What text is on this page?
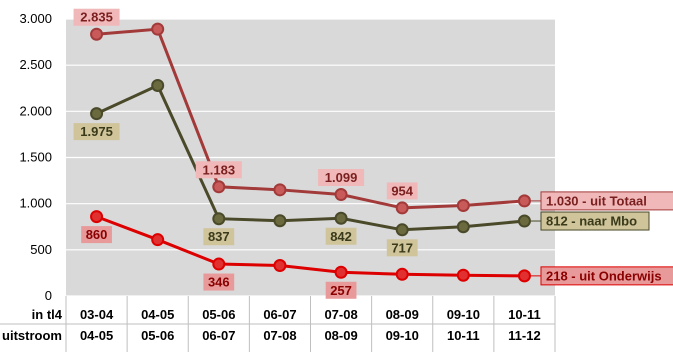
0
500
1.000
1.500
2.000
2.500
3.000
in tl4
uitstroom
03-04
04-05
04-05
05-06
05-06
06-07
06-07
07-08
07-08
08-09
08-09
09-10
09-10
10-11
10-11
11-12
2.835
1.183
1.099
954
1.975
837	842
717
860
346
257
1.030 - uit Totaal
812 - naar Mbo
218 - uit Onderwijs
